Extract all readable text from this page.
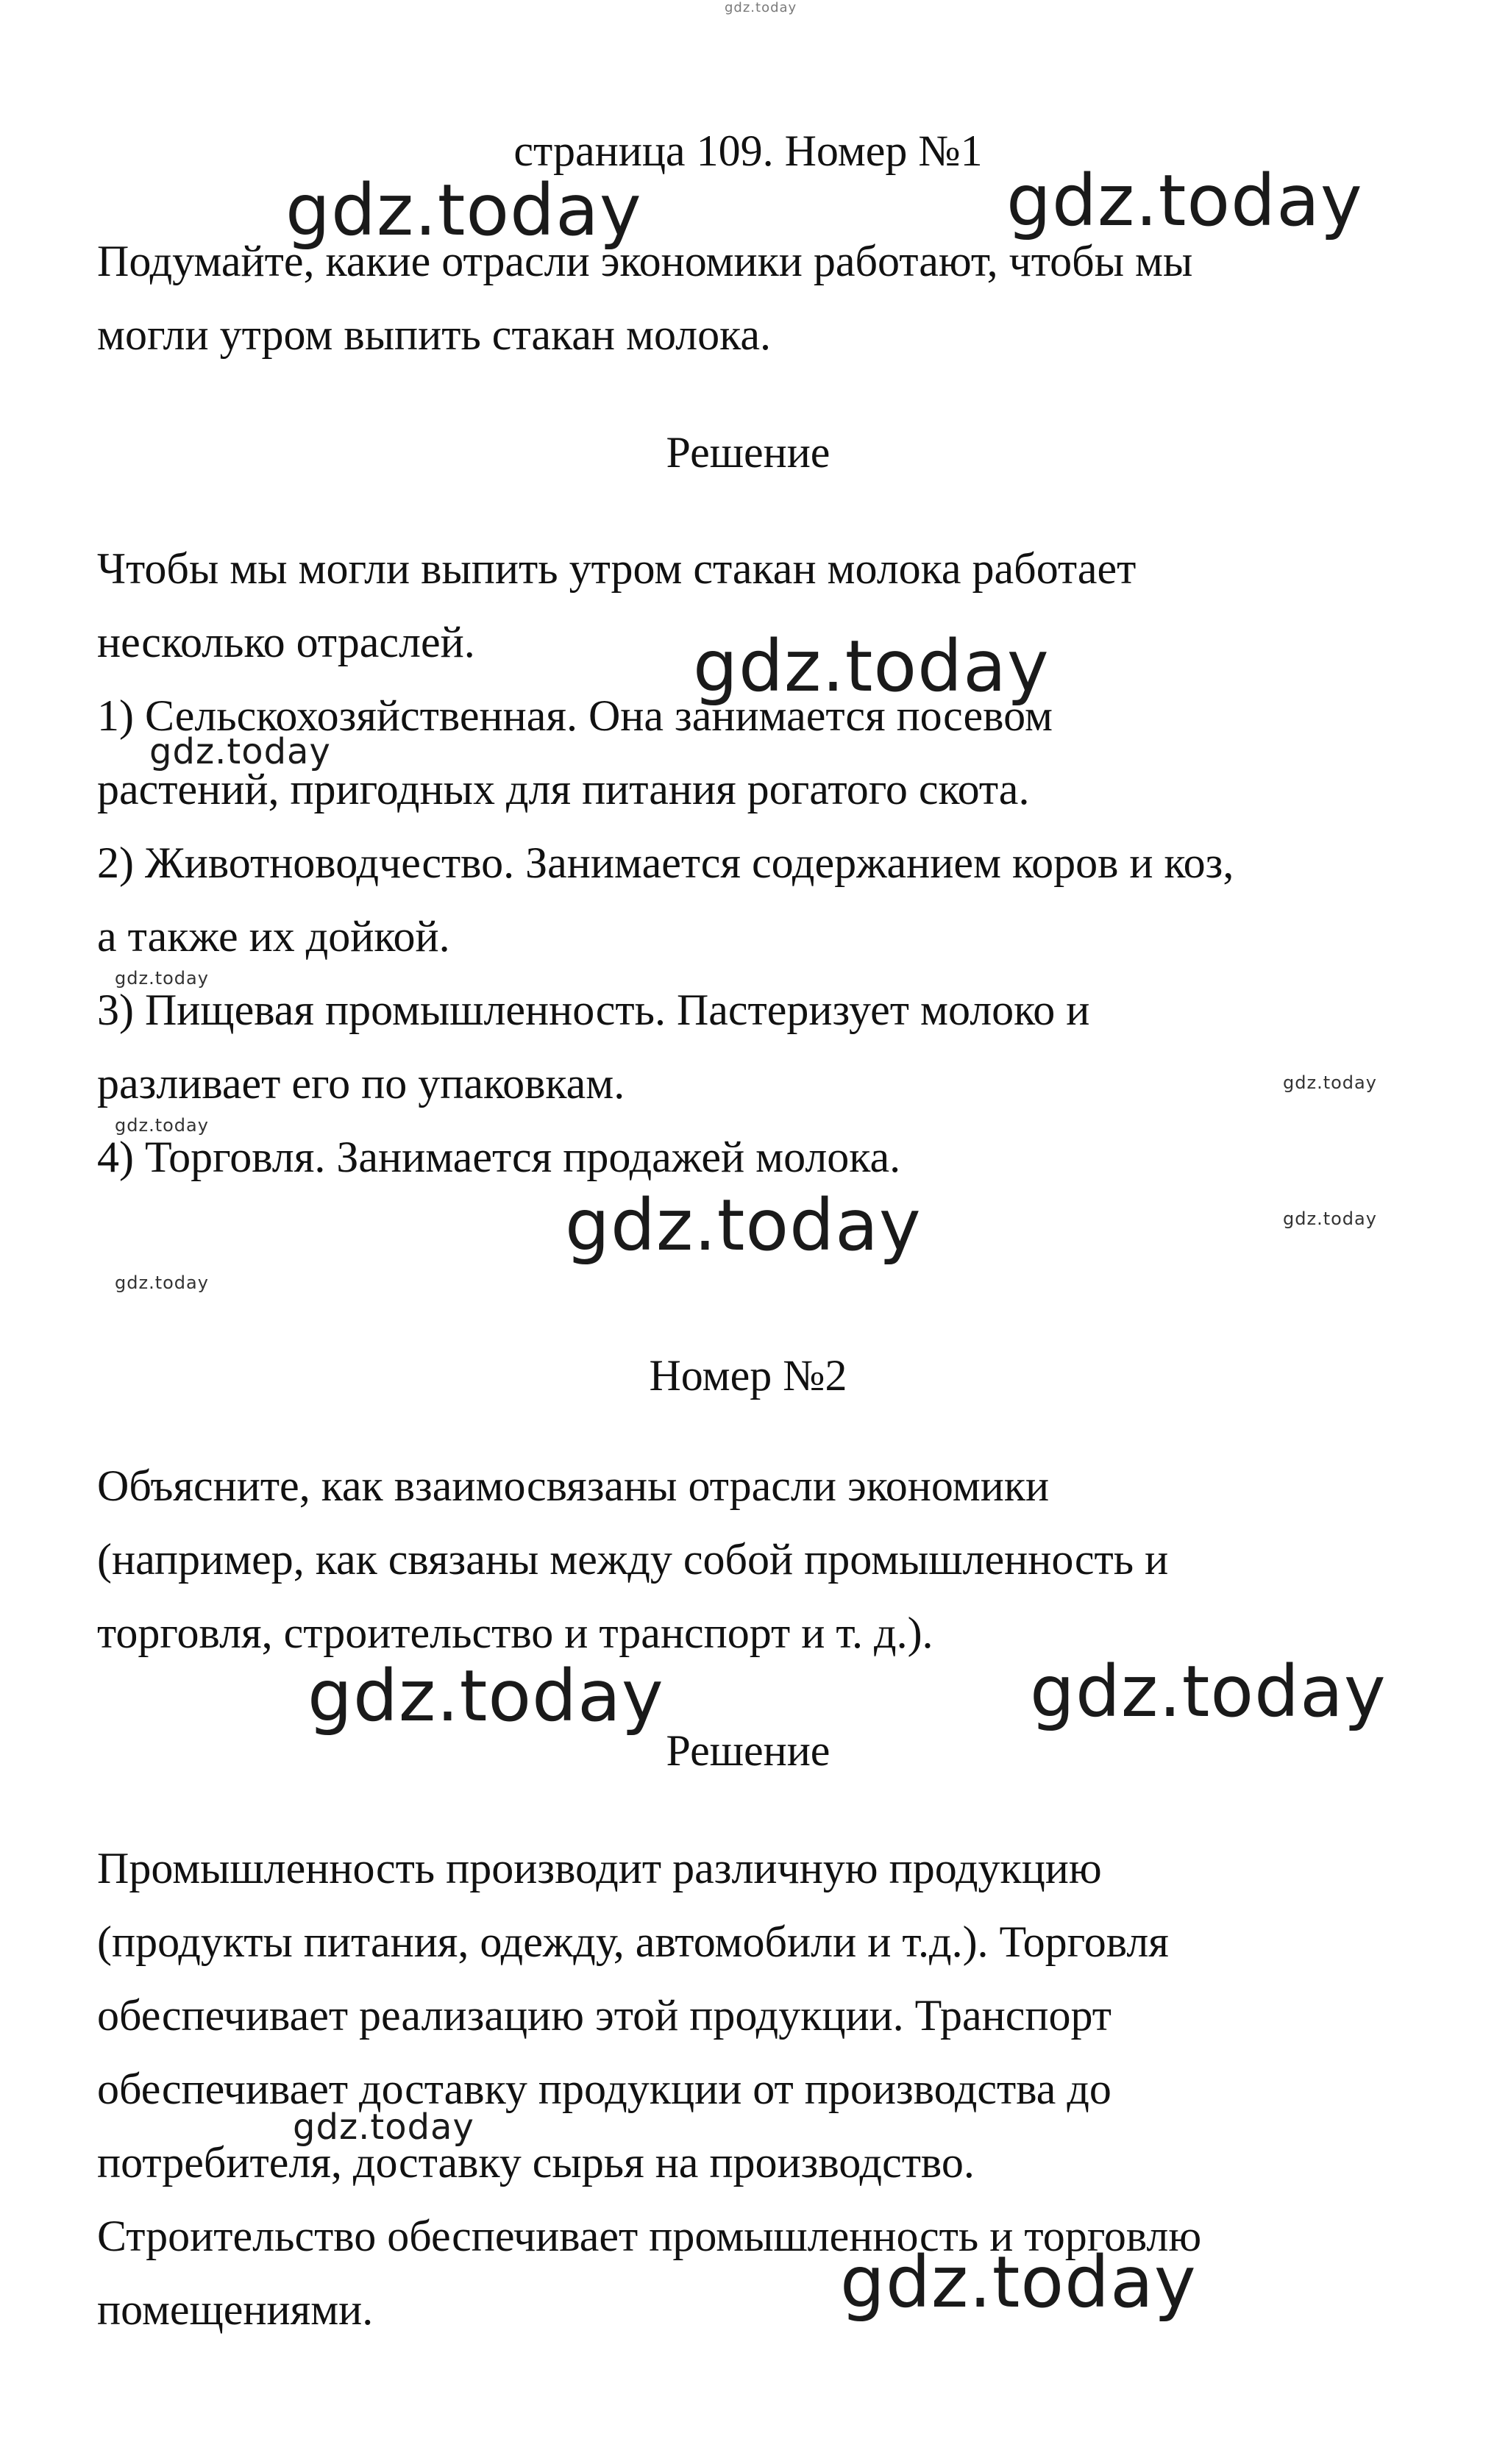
страница 109. Номер №1
Подумайте, какие отрасли экономики работают, чтобы мы
могли утром выпить стакан молока.
Решение
Чтобы мы могли выпить утром стакан молока работает
несколько отраслей.
1) Сельскохозяйственная. Она занимается посевом
растений, пригодных для питания рогатого скота.
2) Животноводчество. Занимается содержанием коров и коз,
а также их дойкой.
3) Пищевая промышленность. Пастеризует молоко и
разливает его по упаковкам.
4) Торговля. Занимается продажей молока.
Номер №2
Объясните, как взаимосвязаны отрасли экономики
(например, как связаны между собой промышленность и
торговля, строительство и транспорт и т. д.).
Решение
Промышленность производит различную продукцию
(продукты питания, одежду, автомобили и т.д.). Торговля
обеспечивает реализацию этой продукции. Транспорт
обеспечивает доставку продукции от производства до
потребителя, доставку сырья на производство.
Строительство обеспечивает промышленность и торговлю
помещениями.
gdz.today
gdz.today	gdz.today
gdz.today
gdz.today
gdz.today
gdz.today
gdz.today
gdz.today	gdz.today
gdz.today
gdz.today	gdz.today
gdz.today
gdz.today
